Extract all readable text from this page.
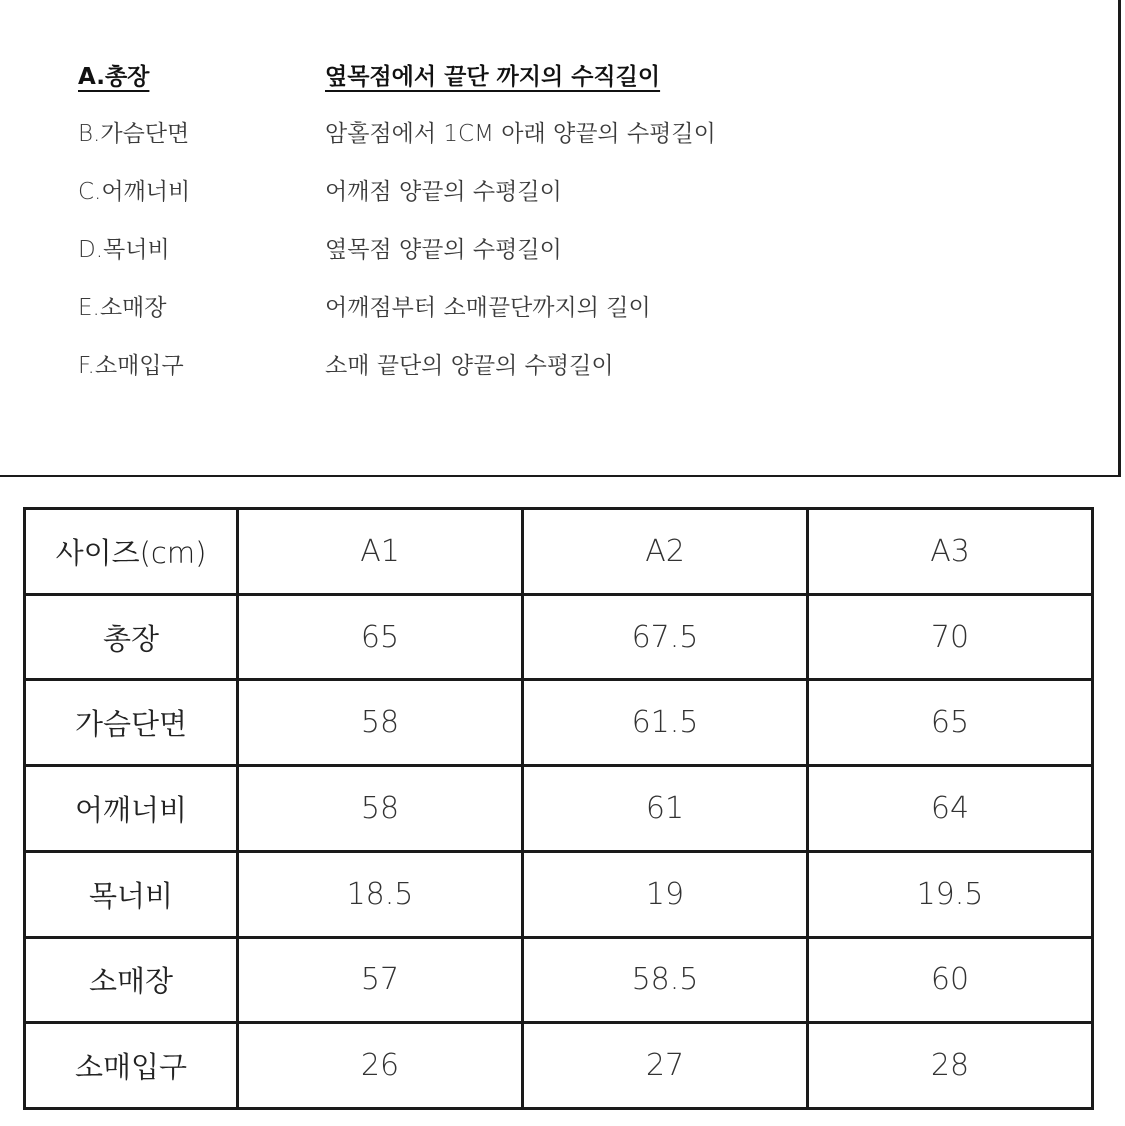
A.총장	옆목점에서 끝단 까지의 수직길이
B.가슴단면	암홀점에서 1CM 아래 양끝의 수평길이
C.어깨너비	어깨점 양끝의 수평길이
D.목너비	옆목점 양끝의 수평길이
E.소매장	어깨점부터 소매끝단까지의 길이
F.소매입구	소매 끝단의 양끝의 수평길이
사이즈(cm)	A1	A2	A3
총장	65	67.5	70
가슴단면	58	61.5	65
어깨너비	58	61	64
목너비	18.5	19	19.5
소매장	57	58.5	60
소매입구	26	27	28
